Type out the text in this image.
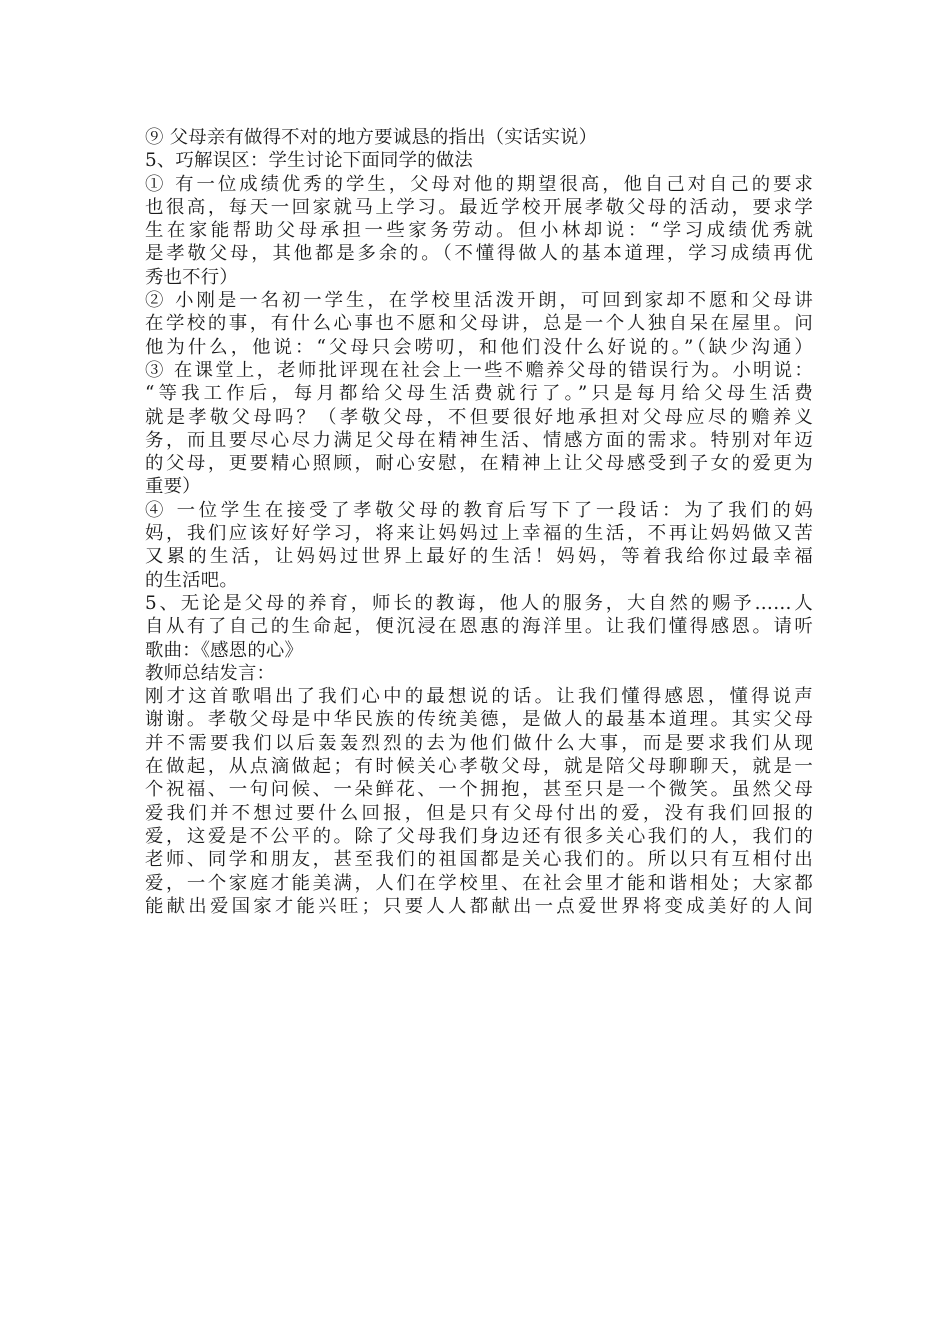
⑨ 父母亲有做得不对的地方要诚恳的指出（实话实说）
5、巧解误区：学生讨论下面同学的做法
① 有一位成绩优秀的学生，父母对他的期望很高，他自己对自己的要求
也很高，每天一回家就马上学习。最近学校开展孝敬父母的活动，要求学
生在家能帮助父母承担一些家务劳动。但小林却说：“学习成绩优秀就
是孝敬父母，其他都是多余的。（不懂得做人的基本道理，学习成绩再优
秀也不行）
② 小刚是一名初一学生，在学校里活泼开朗，可回到家却不愿和父母讲
在学校的事，有什么心事也不愿和父母讲，总是一个人独自呆在屋里。问
他为什么，他说：“父母只会唠叨，和他们没什么好说的。”（缺少沟通）
③ 在课堂上，老师批评现在社会上一些不赡养父母的错误行为。小明说：
“等我工作后，每月都给父母生活费就行了。”只是每月给父母生活费
就是孝敬父母吗？（孝敬父母，不但要很好地承担对父母应尽的赡养义
务，而且要尽心尽力满足父母在精神生活、情感方面的需求。特别对年迈
的父母，更要精心照顾，耐心安慰，在精神上让父母感受到子女的爱更为
重要）
④ 一位学生在接受了孝敬父母的教育后写下了一段话：为了我们的妈
妈，我们应该好好学习，将来让妈妈过上幸福的生活，不再让妈妈做又苦
又累的生活，让妈妈过世界上最好的生活！妈妈，等着我给你过最幸福
的生活吧。
5、无论是父母的养育，师长的教诲，他人的服务，大自然的赐予……人
自从有了自己的生命起，便沉浸在恩惠的海洋里。让我们懂得感恩。请听
歌曲：《感恩的心》
教师总结发言：
刚才这首歌唱出了我们心中的最想说的话。让我们懂得感恩，懂得说声
谢谢。孝敬父母是中华民族的传统美德，是做人的最基本道理。其实父母
并不需要我们以后轰轰烈烈的去为他们做什么大事，而是要求我们从现
在做起，从点滴做起；有时候关心孝敬父母，就是陪父母聊聊天，就是一
个祝福、一句问候、一朵鲜花、一个拥抱，甚至只是一个微笑。虽然父母
爱我们并不想过要什么回报，但是只有父母付出的爱，没有我们回报的
爱，这爱是不公平的。除了父母我们身边还有很多关心我们的人，我们的
老师、同学和朋友，甚至我们的祖国都是关心我们的。所以只有互相付出
爱，一个家庭才能美满，人们在学校里、在社会里才能和谐相处；大家都
能献出爱国家才能兴旺；只要人人都献出一点爱世界将变成美好的人间
